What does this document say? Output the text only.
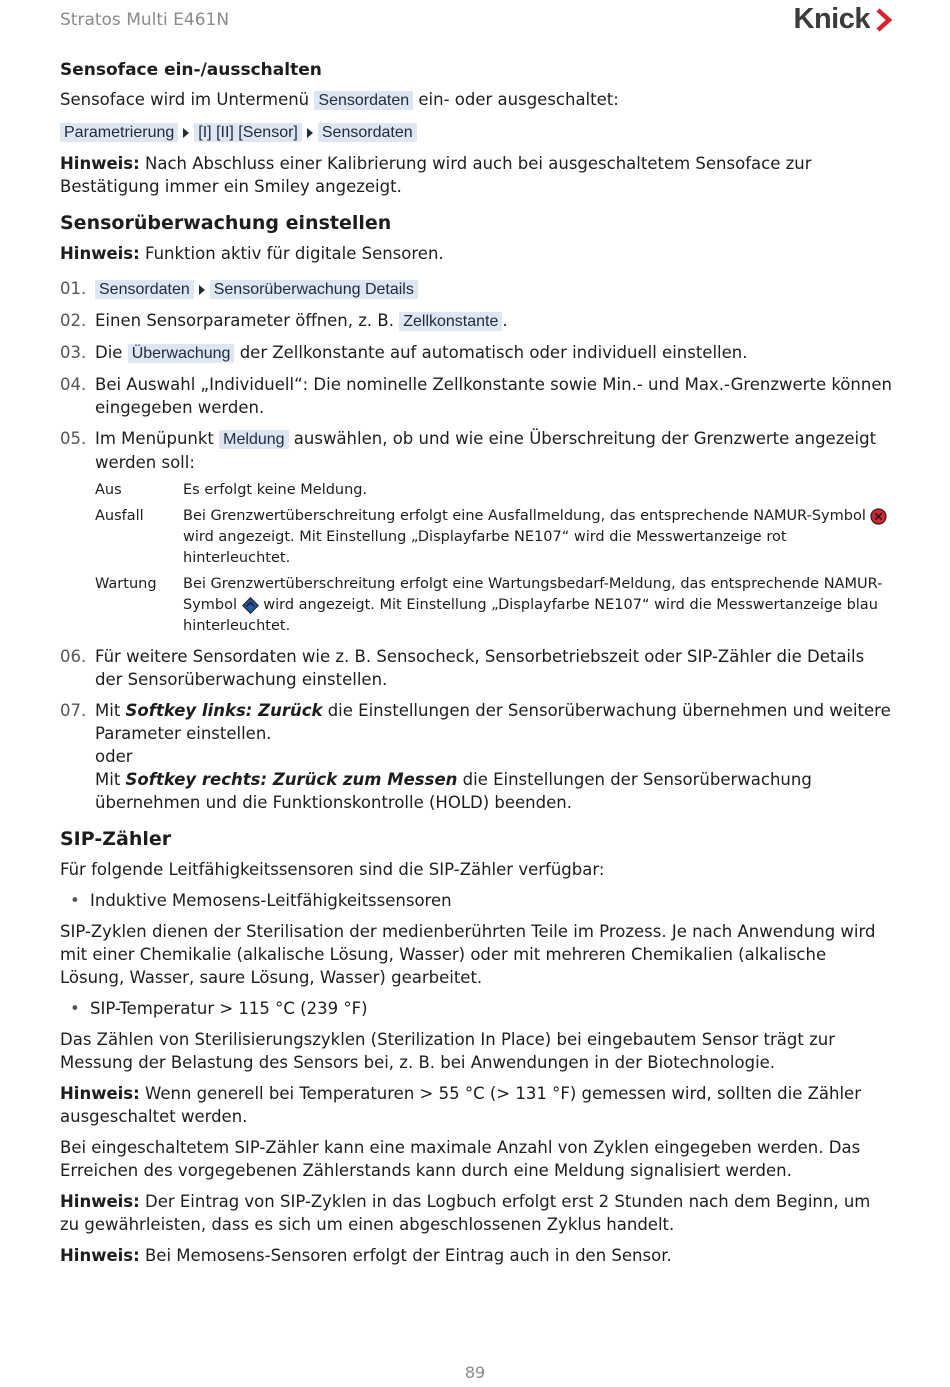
Stratos Multi E461N	Knick
Sensoface ein-/ausschalten

Sensoface wird im Untermenü Sensordaten ein- oder ausgeschaltet:

Parametrierung [I] [II] [Sensor] Sensordaten

Hinweis: Nach Abschluss einer Kalibrierung wird auch bei ausgeschaltetem Sensoface zur Bestätigung immer ein Smiley angezeigt.

Sensorüberwachung einstellen

Hinweis: Funktion aktiv für digitale Sensoren.

01. Sensordaten Sensorüberwachung Details
02. Einen Sensorparameter öffnen, z. B. Zellkonstante .
03. Die Überwachung der Zellkonstante auf automatisch oder individuell einstellen.
04. Bei Auswahl „Individuell“: Die nominelle Zellkonstante sowie Min.- und Max.-Grenzwerte können eingegeben werden.
05. Im Menüpunkt Meldung auswählen, ob und wie eine Überschreitung der Grenzwerte angezeigt werden soll:
Aus	Es erfolgt keine Meldung.
Ausfall	Bei Grenzwertüberschreitung erfolgt eine Ausfallmeldung, das entsprechende NAMUR-Symbol  wird angezeigt. Mit Einstellung „Displayfarbe NE107“ wird die Messwertanzeige rot hinterleuchtet.
Wartung	Bei Grenzwertüberschreitung erfolgt eine Wartungsbedarf-Meldung, das entsprechende NAMUR-Symbol wird angezeigt. Mit Einstellung „Displayfarbe NE107“ wird die Messwertanzeige blau hinterleuchtet.
06. Für weitere Sensordaten wie z. B. Sensocheck, Sensorbetriebszeit oder SIP-Zähler die Details der Sensorüberwachung einstellen.
07. Mit Softkey links: Zurück die Einstellungen der Sensorüberwachung übernehmen und weitere Parameter einstellen.
oder
Mit Softkey rechts: Zurück zum Messen die Einstellungen der Sensorüberwachung übernehmen und die Funktionskontrolle (HOLD) beenden.
SIP-Zähler

Für folgende Leitfähigkeitssensoren sind die SIP-Zähler verfügbar:

• Induktive Memosens-Leitfähigkeitssensoren

SIP-Zyklen dienen der Sterilisation der medienberührten Teile im Prozess. Je nach Anwendung wird mit einer Chemikalie (alkalische Lösung, Wasser) oder mit mehreren Chemikalien (alkalische Lösung, Wasser, saure Lösung, Wasser) gearbeitet.

• SIP-Temperatur > 115 °C (239 °F)

Das Zählen von Sterilisierungszyklen (Sterilization In Place) bei eingebautem Sensor trägt zur Messung der Belastung des Sensors bei, z. B. bei Anwendungen in der Biotechnologie.

Hinweis: Wenn generell bei Temperaturen > 55 °C (> 131 °F) gemessen wird, sollten die Zähler ausgeschaltet werden.

Bei eingeschaltetem SIP-Zähler kann eine maximale Anzahl von Zyklen eingegeben werden. Das Erreichen des vorgegebenen Zählerstands kann durch eine Meldung signalisiert werden.

Hinweis: Der Eintrag von SIP-Zyklen in das Logbuch erfolgt erst 2 Stunden nach dem Beginn, um zu gewährleisten, dass es sich um einen abgeschlossenen Zyklus handelt.

Hinweis: Bei Memosens-Sensoren erfolgt der Eintrag auch in den Sensor.

89
